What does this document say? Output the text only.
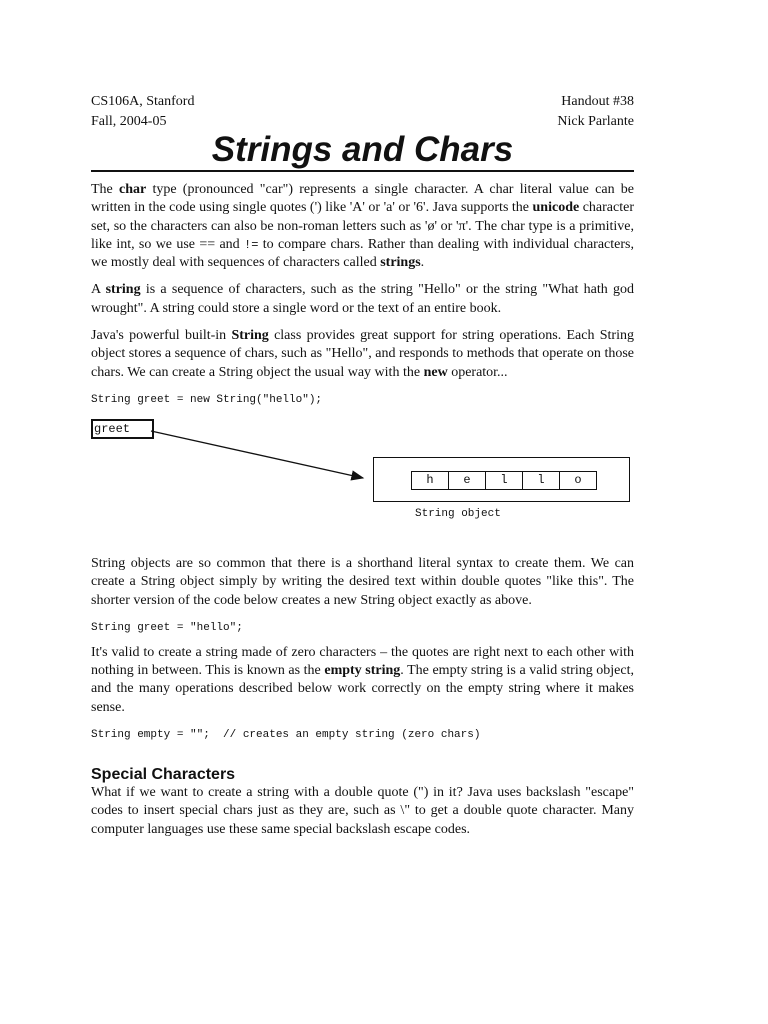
CS106A, Stanford	Handout #38
Fall, 2004-05	Nick Parlante
Strings and Chars

The char type (pronounced "car") represents a single character. A char literal value can be written in the code using single quotes (') like 'A' or 'a' or '6'. Java supports the unicode character set, so the characters can also be non-roman letters such as 'ø' or 'π'. The char type is a primitive, like int, so we use == and != to compare chars. Rather than dealing with individual characters, we mostly deal with sequences of characters called strings.

A string is a sequence of characters, such as the string "Hello" or the string "What hath god wrought". A string could store a single word or the text of an entire book.

Java's powerful built-in String class provides great support for string operations. Each String object stores a sequence of chars, such as "Hello", and responds to methods that operate on those chars. We can create a String object the usual way with the new operator...

String greet = new String("hello");
greet
h	e	l	l	o
String object

String objects are so common that there is a shorthand literal syntax to create them. We can create a String object simply by writing the desired text within double quotes "like this". The shorter version of the code below creates a new String object exactly as above.

String greet = "hello";

It's valid to create a string made of zero characters – the quotes are right next to each other with nothing in between. This is known as the empty string. The empty string is a valid string object, and the many operations described below work correctly on the empty string where it makes sense.

String empty = "";  // creates an empty string (zero chars)
Special Characters

What if we want to create a string with a double quote (") in it? Java uses backslash "escape" codes to insert special chars just as they are, such as \" to get a double quote character. Many computer languages use these same special backslash escape codes.
